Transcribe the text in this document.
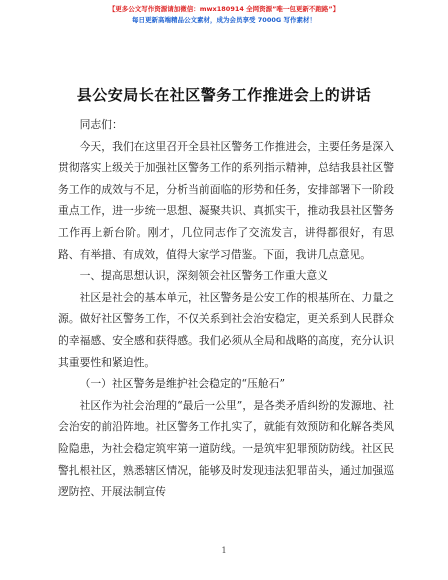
【更多公文写作资源请加微信：mwx180914 全网资源”唯一包更新不跑路”】
每日更新高端精品公文素材，成为会员享受 7000G 写作素材！
县公安局长在社区警务工作推进会上的讲话

同志们：

今天，我们在这里召开全县社区警务工作推进会，主要任务是深入贯彻落实上级关于加强社区警务工作的系列指示精神，总结我县社区警务工作的成效与不足，分析当前面临的形势和任务，安排部署下一阶段重点工作，进一步统一思想、凝聚共识、真抓实干，推动我县社区警务工作再上新台阶。刚才，几位同志作了交流发言，讲得都很好，有思路、有举措、有成效，值得大家学习借鉴。下面，我讲几点意见。

一、提高思想认识，深刻领会社区警务工作重大意义

社区是社会的基本单元，社区警务是公安工作的根基所在、力量之源。做好社区警务工作，不仅关系到社会治安稳定，更关系到人民群众的幸福感、安全感和获得感。我们必须从全局和战略的高度，充分认识其重要性和紧迫性。

（一）社区警务是维护社会稳定的“压舱石”

社区作为社会治理的“最后一公里”，是各类矛盾纠纷的发源地、社会治安的前沿阵地。社区警务工作扎实了，就能有效预防和化解各类风险隐患，为社会稳定筑牢第一道防线。一是筑牢犯罪预防防线。社区民警扎根社区，熟悉辖区情况，能够及时发现违法犯罪苗头，通过加强巡逻防控、开展法制宣传

1
